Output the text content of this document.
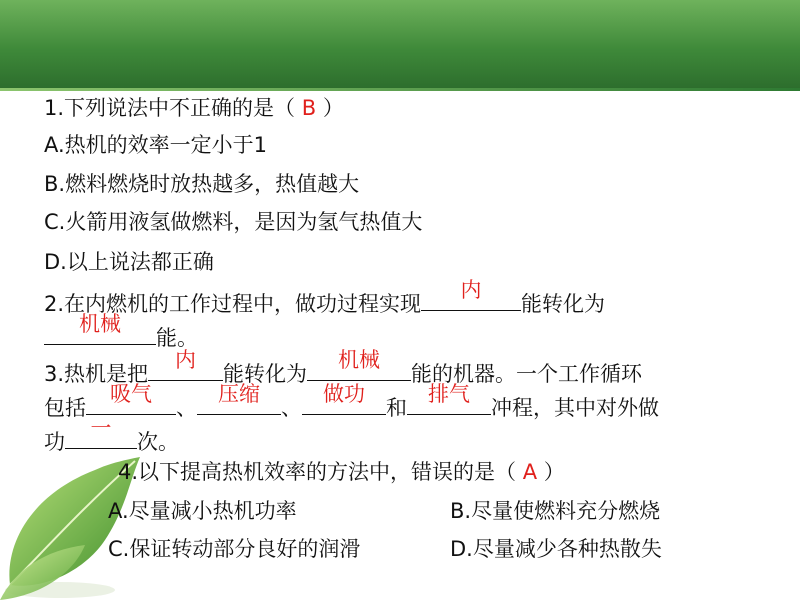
1.下列说法中不正确的是（ B ）
A.热机的效率一定小于1
B.燃料燃烧时放热越多，热值越大
C.火箭用液氢做燃料，是因为氢气热值大
D.以上说法都正确
2.在内燃机的工作过程中，做功过程实现
内
能转化为
机械
能。
3.热机是把
内
能转化为
机械
能的机器。一个工作循环
包括
吸气
、
压缩
、
做功
和
排气
冲程，其中对外做
功
一
次。
4.以下提高热机效率的方法中，错误的是（ A ）
A.尽量减小热机功率	B.尽量使燃料充分燃烧
C.保证转动部分良好的润滑	D.尽量减少各种热散失
